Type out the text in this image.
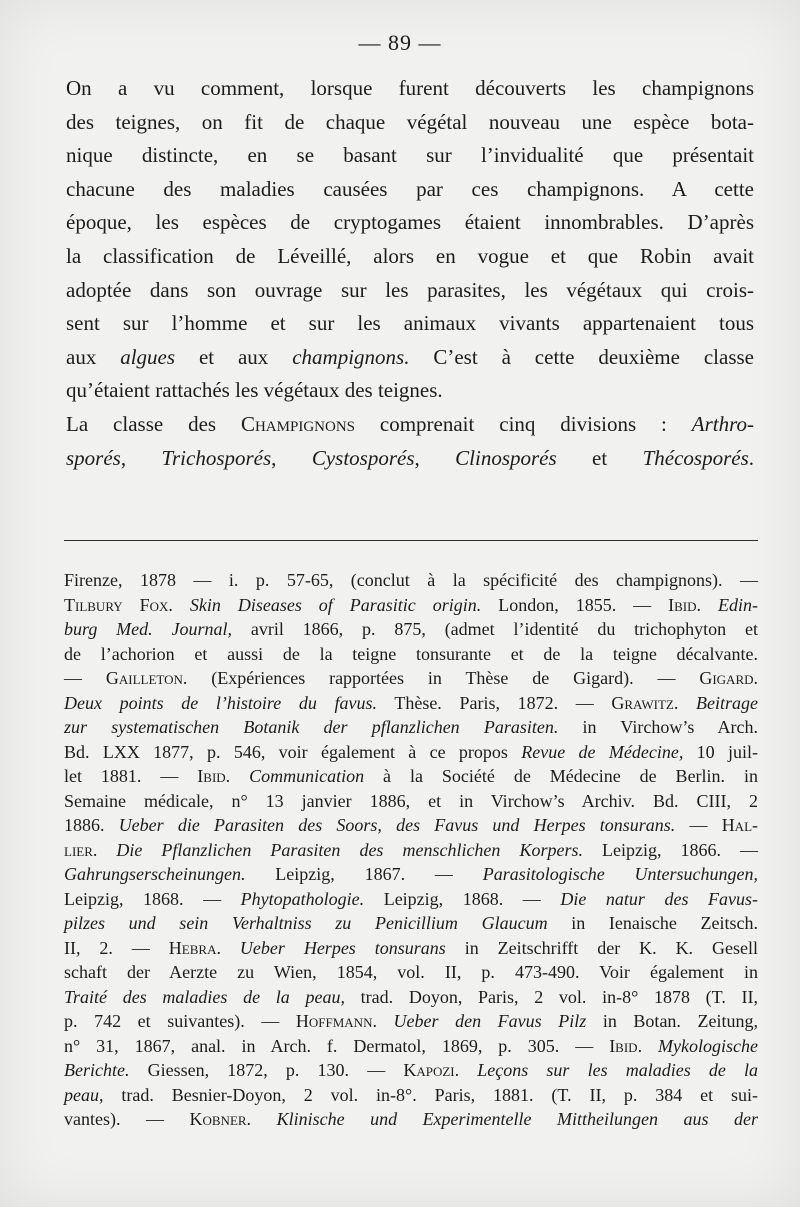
— 89 —
On a vu comment, lorsque furent découverts les champignons
des teignes, on fit de chaque végétal nouveau une espèce bota-
nique distincte, en se basant sur l’invidualité que présentait
chacune des maladies causées par ces champignons. A cette
époque, les espèces de cryptogames étaient innombrables. D’après
la classification de Léveillé, alors en vogue et que Robin avait
adoptée dans son ouvrage sur les parasites, les végétaux qui crois-
sent sur l’homme et sur les animaux vivants appartenaient tous
aux algues et aux champignons. C’est à cette deuxième classe
qu’étaient rattachés les végétaux des teignes.
La classe des Champignons comprenait cinq divisions : Arthro-
sporés, Trichosporés, Cystosporés, Clinosporés et Thécosporés.
Firenze, 1878 — i. p. 57-65, (conclut à la spécificité des champignons). —
Tilbury Fox. Skin Diseases of Parasitic origin. London, 1855. — Ibid. Edin-
burg Med. Journal, avril 1866, p. 875, (admet l’identité du trichophyton et
de l’achorion et aussi de la teigne tonsurante et de la teigne décalvante.
— Gailleton. (Expériences rapportées in Thèse de Gigard). — Gigard.
Deux points de l’histoire du favus. Thèse. Paris, 1872. — Grawitz. Beitrage
zur systematischen Botanik der pflanzlichen Parasiten. in Virchow’s Arch.
Bd. LXX 1877, p. 546, voir également à ce propos Revue de Médecine, 10 juil-
let 1881. — Ibid. Communication à la Société de Médecine de Berlin. in
Semaine médicale, n° 13 janvier 1886, et in Virchow’s Archiv. Bd. CIII, 2
1886. Ueber die Parasiten des Soors, des Favus und Herpes tonsurans. — Hal-
lier. Die Pflanzlichen Parasiten des menschlichen Korpers. Leipzig, 1866. —
Gahrungserscheinungen. Leipzig, 1867. — Parasitologische Untersuchungen,
Leipzig, 1868. — Phytopathologie. Leipzig, 1868. — Die natur des Favus-
pilzes und sein Verhaltniss zu Penicillium Glaucum in Ienaische Zeitsch.
II, 2. — Hebra. Ueber Herpes tonsurans in Zeitschrifft der K. K. Gesell
schaft der Aerzte zu Wien, 1854, vol. II, p. 473-490. Voir également in
Traité des maladies de la peau, trad. Doyon, Paris, 2 vol. in-8° 1878 (T. II,
p. 742 et suivantes). — Hoffmann. Ueber den Favus Pilz in Botan. Zeitung,
n° 31, 1867, anal. in Arch. f. Dermatol, 1869, p. 305. — Ibid. Mykologische
Berichte. Giessen, 1872, p. 130. — Kapozi. Leçons sur les maladies de la
peau, trad. Besnier-Doyon, 2 vol. in-8°. Paris, 1881. (T. II, p. 384 et sui-
vantes). — Kobner. Klinische und Experimentelle Mittheilungen aus der
